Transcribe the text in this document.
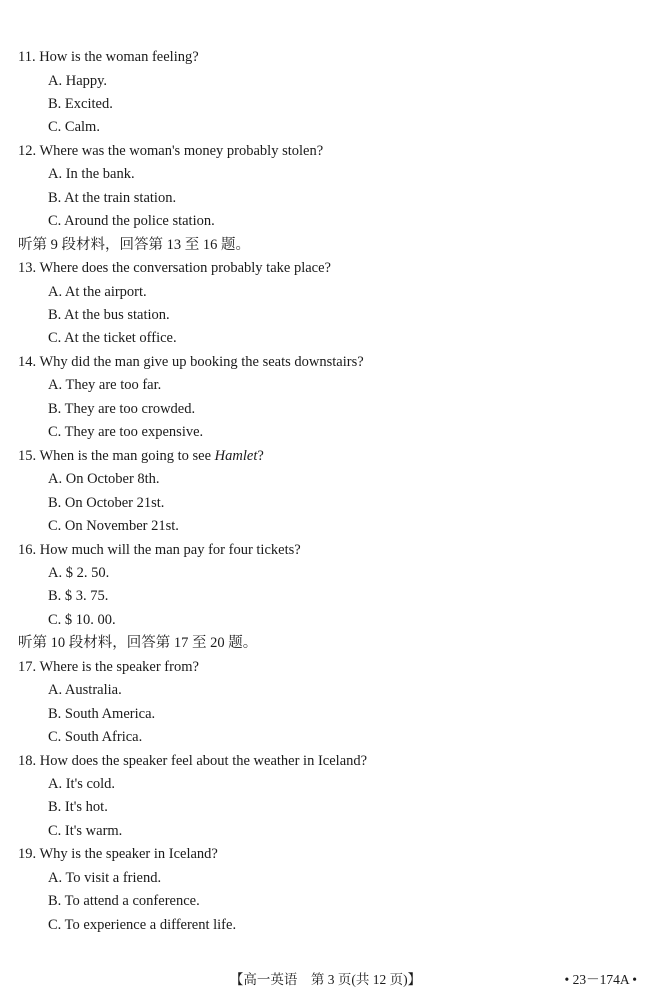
11. How is the woman feeling?
A. Happy.
B. Excited.
C. Calm.
12. Where was the woman's money probably stolen?
A. In the bank.
B. At the train station.
C. Around the police station.
听第 9 段材料，回答第 13 至 16 题。
13. Where does the conversation probably take place?
A. At the airport.
B. At the bus station.
C. At the ticket office.
14. Why did the man give up booking the seats downstairs?
A. They are too far.
B. They are too crowded.
C. They are too expensive.
15. When is the man going to see Hamlet?
A. On October 8th.
B. On October 21st.
C. On November 21st.
16. How much will the man pay for four tickets?
A. $ 2. 50.
B. $ 3. 75.
C. $ 10. 00.
听第 10 段材料，回答第 17 至 20 题。
17. Where is the speaker from?
A. Australia.
B. South America.
C. South Africa.
18. How does the speaker feel about the weather in Iceland?
A. It's cold.
B. It's hot.
C. It's warm.
19. Why is the speaker in Iceland?
A. To visit a friend.
B. To attend a conference.
C. To experience a different life.
【高一英语　第 3 页(共 12 页)】	• 23－174A •
